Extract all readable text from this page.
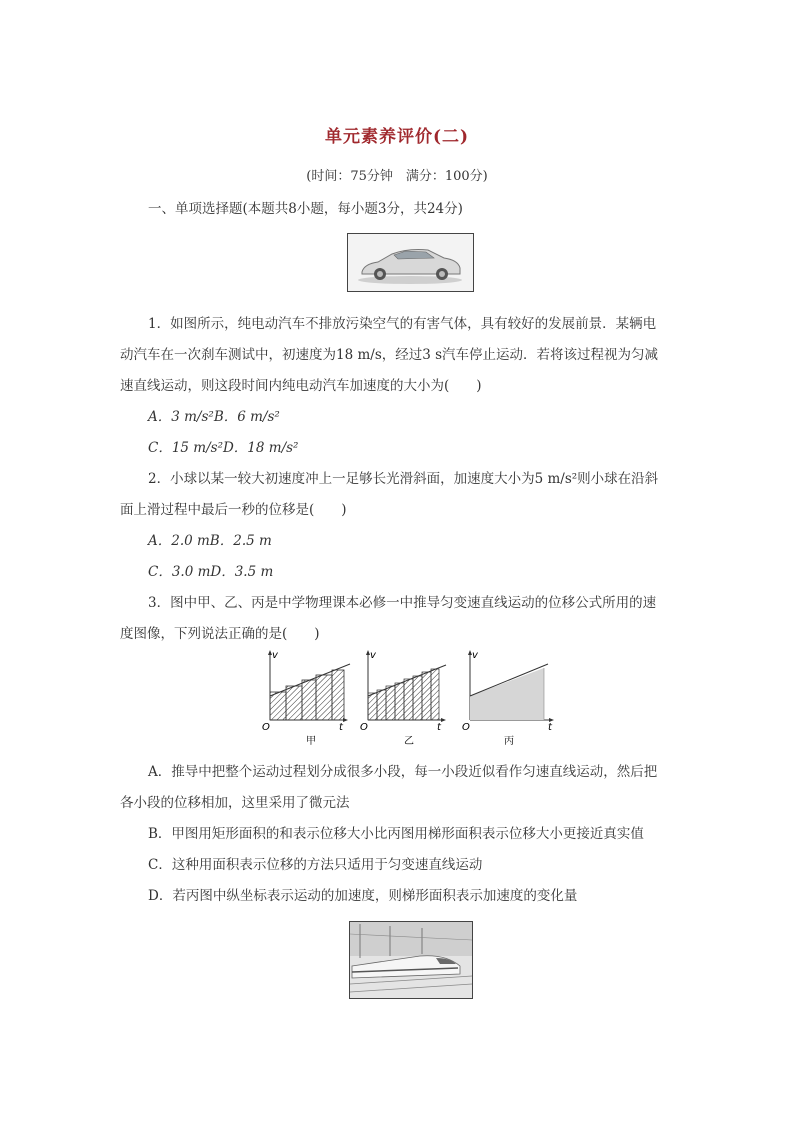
单元素养评价(二)
(时间：75分钟　满分：100分)
一、单项选择题(本题共8小题，每小题3分，共24分)
1．如图所示，纯电动汽车不排放污染空气的有害气体，具有较好的发展前景．某辆电
动汽车在一次刹车测试中，初速度为18 m/s，经过3 s汽车停止运动．若将该过程视为匀减
速直线运动，则这段时间内纯电动汽车加速度的大小为(　　)
A．3 m/s²B．6 m/s²
C．15 m/s²D．18 m/s²
2．小球以某一较大初速度冲上一足够长光滑斜面，加速度大小为5 m/s²则小球在沿斜
面上滑过程中最后一秒的位移是(　　)
A．2.0 mB．2.5 m
C．3.0 mD．3.5 m
3．图中甲、乙、丙是中学物理课本必修一中推导匀变速直线运动的位移公式所用的速
度图像，下列说法正确的是(　　)
v
t
O
甲
v
t
O
乙
v
t
O
丙
A．推导中把整个运动过程划分成很多小段，每一小段近似看作匀速直线运动，然后把
各小段的位移相加，这里采用了微元法
B．甲图用矩形面积的和表示位移大小比丙图用梯形面积表示位移大小更接近真实值
C．这种用面积表示位移的方法只适用于匀变速直线运动
D．若丙图中纵坐标表示运动的加速度，则梯形面积表示加速度的变化量
